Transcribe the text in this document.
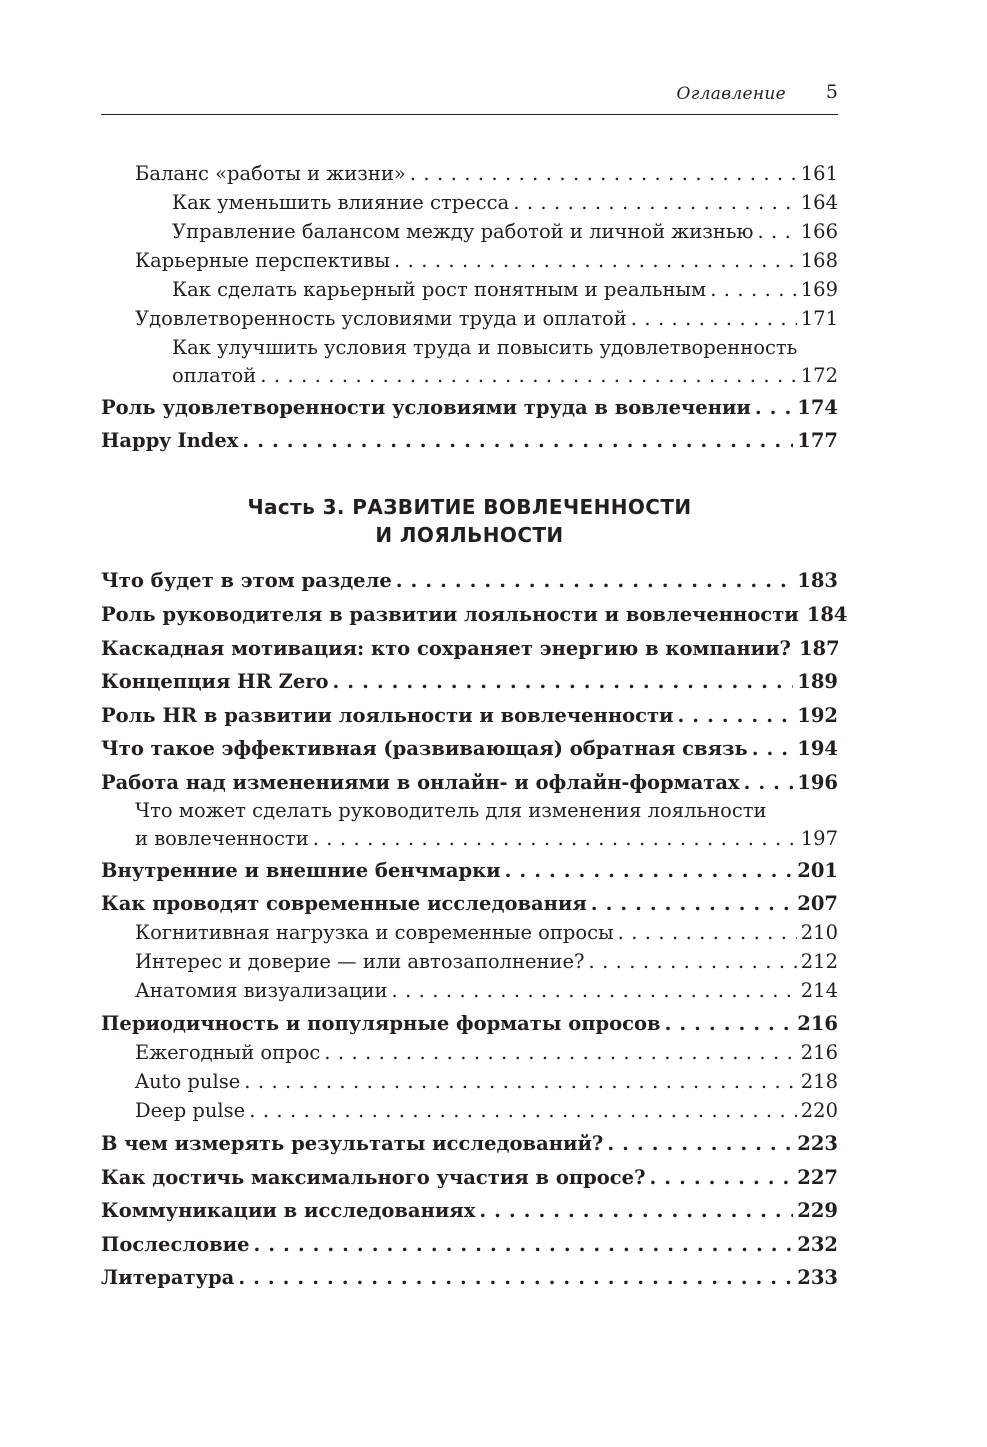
Оглавление 5
Баланс «работы и жизни» . . .	161
Как уменьшить влияние стресса . . .	164
Управление балансом между работой и личной жизнью . . . 166
Карьерные перспективы . . .	168
Как сделать карьерный рост понятным и реальным . . .	169
Удовлетворенность условиями труда и оплатой . . .	171
Как улучшить условия труда и повысить удовлетворенность
оплатой . . .	172
Роль удовлетворенности условиями труда в вовлечении . . . 174
Happy Index . . .	177
Часть 3. РАЗВИТИЕ ВОВЛЕЧЕННОСТИ
И ЛОЯЛЬНОСТИ
Что будет в этом разделе . . .	183
Роль руководителя в развитии лояльности и вовлеченности 184
Каскадная мотивация: кто сохраняет энергию в компании? 187
Концепция HR Zero . . .	189
Роль HR в развитии лояльности и вовлеченности . . .	192
Что такое эффективная (развивающая) обратная связь . . .	194
Работа над изменениями в онлайн- и офлайн-форматах . . .	196
Что может сделать руководитель для изменения лояльности
и вовлеченности . . .	197
Внутренние и внешние бенчмарки . . .	201
Как проводят современные исследования . . .	207
Когнитивная нагрузка и современные опросы . . .	210
Интерес и доверие — или автозаполнение? . . .	212
Анатомия визуализации . . .	214
Периодичность и популярные форматы опросов . . .	216
Ежегодный опрос . . .	216
Auto pulse . . .	218
Deep pulse . . .	220
В чем измерять результаты исследований? . . .	223
Как достичь максимального участия в опросе? . . .	227
Коммуникации в исследованиях . . .	229
Послесловие . . .	232
Литература . . .	233
